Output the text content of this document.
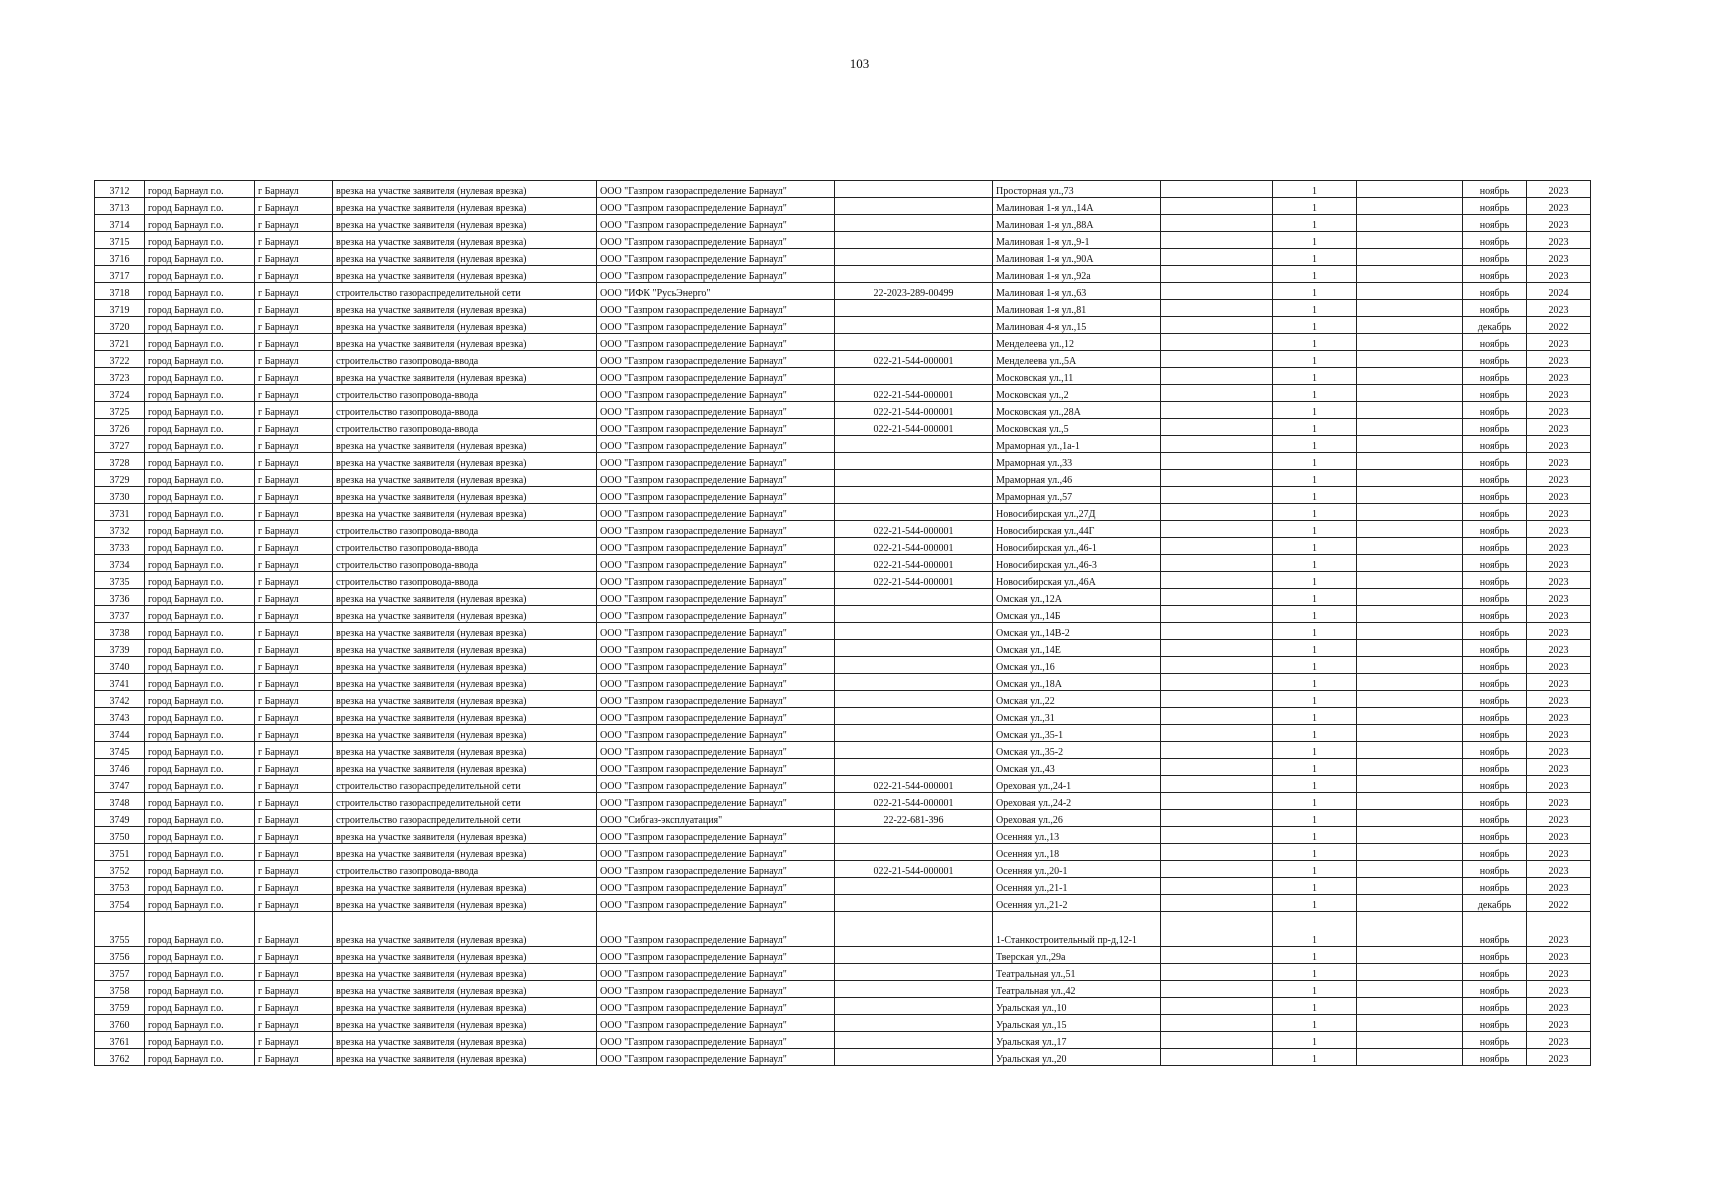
103
3712	город Барнаул г.о.	г Барнаул	врезка на участке заявителя (нулевая врезка)	ООО "Газпром газораспределение Барнаул"		Просторная ул.,73		1		ноябрь	2023
3713	город Барнаул г.о.	г Барнаул	врезка на участке заявителя (нулевая врезка)	ООО "Газпром газораспределение Барнаул"		Малиновая 1-я ул.,14А		1		ноябрь	2023
3714	город Барнаул г.о.	г Барнаул	врезка на участке заявителя (нулевая врезка)	ООО "Газпром газораспределение Барнаул"		Малиновая 1-я ул.,88А		1		ноябрь	2023
3715	город Барнаул г.о.	г Барнаул	врезка на участке заявителя (нулевая врезка)	ООО "Газпром газораспределение Барнаул"		Малиновая 1-я ул.,9-1		1		ноябрь	2023
3716	город Барнаул г.о.	г Барнаул	врезка на участке заявителя (нулевая врезка)	ООО "Газпром газораспределение Барнаул"		Малиновая 1-я ул.,90А		1		ноябрь	2023
3717	город Барнаул г.о.	г Барнаул	врезка на участке заявителя (нулевая врезка)	ООО "Газпром газораспределение Барнаул"		Малиновая 1-я ул.,92а		1		ноябрь	2023
3718	город Барнаул г.о.	г Барнаул	строительство газораспределительной сети	ООО "ИФК "РусьЭнерго"	22-2023-289-00499	Малиновая 1-я ул.,63		1		ноябрь	2024
3719	город Барнаул г.о.	г Барнаул	врезка на участке заявителя (нулевая врезка)	ООО "Газпром газораспределение Барнаул"		Малиновая 1-я ул.,81		1		ноябрь	2023
3720	город Барнаул г.о.	г Барнаул	врезка на участке заявителя (нулевая врезка)	ООО "Газпром газораспределение Барнаул"		Малиновая 4-я ул.,15		1		декабрь	2022
3721	город Барнаул г.о.	г Барнаул	врезка на участке заявителя (нулевая врезка)	ООО "Газпром газораспределение Барнаул"		Менделеева ул.,12		1		ноябрь	2023
3722	город Барнаул г.о.	г Барнаул	строительство газопровода-ввода	ООО "Газпром газораспределение Барнаул"	022-21-544-000001	Менделеева ул.,5А		1		ноябрь	2023
3723	город Барнаул г.о.	г Барнаул	врезка на участке заявителя (нулевая врезка)	ООО "Газпром газораспределение Барнаул"		Московская ул.,11		1		ноябрь	2023
3724	город Барнаул г.о.	г Барнаул	строительство газопровода-ввода	ООО "Газпром газораспределение Барнаул"	022-21-544-000001	Московская ул.,2		1		ноябрь	2023
3725	город Барнаул г.о.	г Барнаул	строительство газопровода-ввода	ООО "Газпром газораспределение Барнаул"	022-21-544-000001	Московская ул.,28А		1		ноябрь	2023
3726	город Барнаул г.о.	г Барнаул	строительство газопровода-ввода	ООО "Газпром газораспределение Барнаул"	022-21-544-000001	Московская ул.,5		1		ноябрь	2023
3727	город Барнаул г.о.	г Барнаул	врезка на участке заявителя (нулевая врезка)	ООО "Газпром газораспределение Барнаул"		Мраморная ул.,1а-1		1		ноябрь	2023
3728	город Барнаул г.о.	г Барнаул	врезка на участке заявителя (нулевая врезка)	ООО "Газпром газораспределение Барнаул"		Мраморная ул.,33		1		ноябрь	2023
3729	город Барнаул г.о.	г Барнаул	врезка на участке заявителя (нулевая врезка)	ООО "Газпром газораспределение Барнаул"		Мраморная ул.,46		1		ноябрь	2023
3730	город Барнаул г.о.	г Барнаул	врезка на участке заявителя (нулевая врезка)	ООО "Газпром газораспределение Барнаул"		Мраморная ул.,57		1		ноябрь	2023
3731	город Барнаул г.о.	г Барнаул	врезка на участке заявителя (нулевая врезка)	ООО "Газпром газораспределение Барнаул"		Новосибирская ул.,27Д		1		ноябрь	2023
3732	город Барнаул г.о.	г Барнаул	строительство газопровода-ввода	ООО "Газпром газораспределение Барнаул"	022-21-544-000001	Новосибирская ул.,44Г		1		ноябрь	2023
3733	город Барнаул г.о.	г Барнаул	строительство газопровода-ввода	ООО "Газпром газораспределение Барнаул"	022-21-544-000001	Новосибирская ул.,46-1		1		ноябрь	2023
3734	город Барнаул г.о.	г Барнаул	строительство газопровода-ввода	ООО "Газпром газораспределение Барнаул"	022-21-544-000001	Новосибирская ул.,46-3		1		ноябрь	2023
3735	город Барнаул г.о.	г Барнаул	строительство газопровода-ввода	ООО "Газпром газораспределение Барнаул"	022-21-544-000001	Новосибирская ул.,46А		1		ноябрь	2023
3736	город Барнаул г.о.	г Барнаул	врезка на участке заявителя (нулевая врезка)	ООО "Газпром газораспределение Барнаул"		Омская ул.,12А		1		ноябрь	2023
3737	город Барнаул г.о.	г Барнаул	врезка на участке заявителя (нулевая врезка)	ООО "Газпром газораспределение Барнаул"		Омская ул.,14Б		1		ноябрь	2023
3738	город Барнаул г.о.	г Барнаул	врезка на участке заявителя (нулевая врезка)	ООО "Газпром газораспределение Барнаул"		Омская ул.,14В-2		1		ноябрь	2023
3739	город Барнаул г.о.	г Барнаул	врезка на участке заявителя (нулевая врезка)	ООО "Газпром газораспределение Барнаул"		Омская ул.,14Е		1		ноябрь	2023
3740	город Барнаул г.о.	г Барнаул	врезка на участке заявителя (нулевая врезка)	ООО "Газпром газораспределение Барнаул"		Омская ул.,16		1		ноябрь	2023
3741	город Барнаул г.о.	г Барнаул	врезка на участке заявителя (нулевая врезка)	ООО "Газпром газораспределение Барнаул"		Омская ул.,18А		1		ноябрь	2023
3742	город Барнаул г.о.	г Барнаул	врезка на участке заявителя (нулевая врезка)	ООО "Газпром газораспределение Барнаул"		Омская ул.,22		1		ноябрь	2023
3743	город Барнаул г.о.	г Барнаул	врезка на участке заявителя (нулевая врезка)	ООО "Газпром газораспределение Барнаул"		Омская ул.,31		1		ноябрь	2023
3744	город Барнаул г.о.	г Барнаул	врезка на участке заявителя (нулевая врезка)	ООО "Газпром газораспределение Барнаул"		Омская ул.,35-1		1		ноябрь	2023
3745	город Барнаул г.о.	г Барнаул	врезка на участке заявителя (нулевая врезка)	ООО "Газпром газораспределение Барнаул"		Омская ул.,35-2		1		ноябрь	2023
3746	город Барнаул г.о.	г Барнаул	врезка на участке заявителя (нулевая врезка)	ООО "Газпром газораспределение Барнаул"		Омская ул.,43		1		ноябрь	2023
3747	город Барнаул г.о.	г Барнаул	строительство газораспределительной сети	ООО "Газпром газораспределение Барнаул"	022-21-544-000001	Ореховая ул.,24-1		1		ноябрь	2023
3748	город Барнаул г.о.	г Барнаул	строительство газораспределительной сети	ООО "Газпром газораспределение Барнаул"	022-21-544-000001	Ореховая ул.,24-2		1		ноябрь	2023
3749	город Барнаул г.о.	г Барнаул	строительство газораспределительной сети	ООО "Сибгаз-эксплуатация"	22-22-681-396	Ореховая ул.,26		1		ноябрь	2023
3750	город Барнаул г.о.	г Барнаул	врезка на участке заявителя (нулевая врезка)	ООО "Газпром газораспределение Барнаул"		Осенняя ул.,13		1		ноябрь	2023
3751	город Барнаул г.о.	г Барнаул	врезка на участке заявителя (нулевая врезка)	ООО "Газпром газораспределение Барнаул"		Осенняя ул.,18		1		ноябрь	2023
3752	город Барнаул г.о.	г Барнаул	строительство газопровода-ввода	ООО "Газпром газораспределение Барнаул"	022-21-544-000001	Осенняя ул.,20-1		1		ноябрь	2023
3753	город Барнаул г.о.	г Барнаул	врезка на участке заявителя (нулевая врезка)	ООО "Газпром газораспределение Барнаул"		Осенняя ул.,21-1		1		ноябрь	2023
3754	город Барнаул г.о.	г Барнаул	врезка на участке заявителя (нулевая врезка)	ООО "Газпром газораспределение Барнаул"		Осенняя ул.,21-2		1		декабрь	2022
3755	город Барнаул г.о.	г Барнаул	врезка на участке заявителя (нулевая врезка)	ООО "Газпром газораспределение Барнаул"		1-Станкостроительный пр-д,12-1		1		ноябрь	2023
3756	город Барнаул г.о.	г Барнаул	врезка на участке заявителя (нулевая врезка)	ООО "Газпром газораспределение Барнаул"		Тверская ул.,29а		1		ноябрь	2023
3757	город Барнаул г.о.	г Барнаул	врезка на участке заявителя (нулевая врезка)	ООО "Газпром газораспределение Барнаул"		Театральная ул.,51		1		ноябрь	2023
3758	город Барнаул г.о.	г Барнаул	врезка на участке заявителя (нулевая врезка)	ООО "Газпром газораспределение Барнаул"		Театральная ул.,42		1		ноябрь	2023
3759	город Барнаул г.о.	г Барнаул	врезка на участке заявителя (нулевая врезка)	ООО "Газпром газораспределение Барнаул"		Уральская ул.,10		1		ноябрь	2023
3760	город Барнаул г.о.	г Барнаул	врезка на участке заявителя (нулевая врезка)	ООО "Газпром газораспределение Барнаул"		Уральская ул.,15		1		ноябрь	2023
3761	город Барнаул г.о.	г Барнаул	врезка на участке заявителя (нулевая врезка)	ООО "Газпром газораспределение Барнаул"		Уральская ул.,17		1		ноябрь	2023
3762	город Барнаул г.о.	г Барнаул	врезка на участке заявителя (нулевая врезка)	ООО "Газпром газораспределение Барнаул"		Уральская ул.,20		1		ноябрь	2023
